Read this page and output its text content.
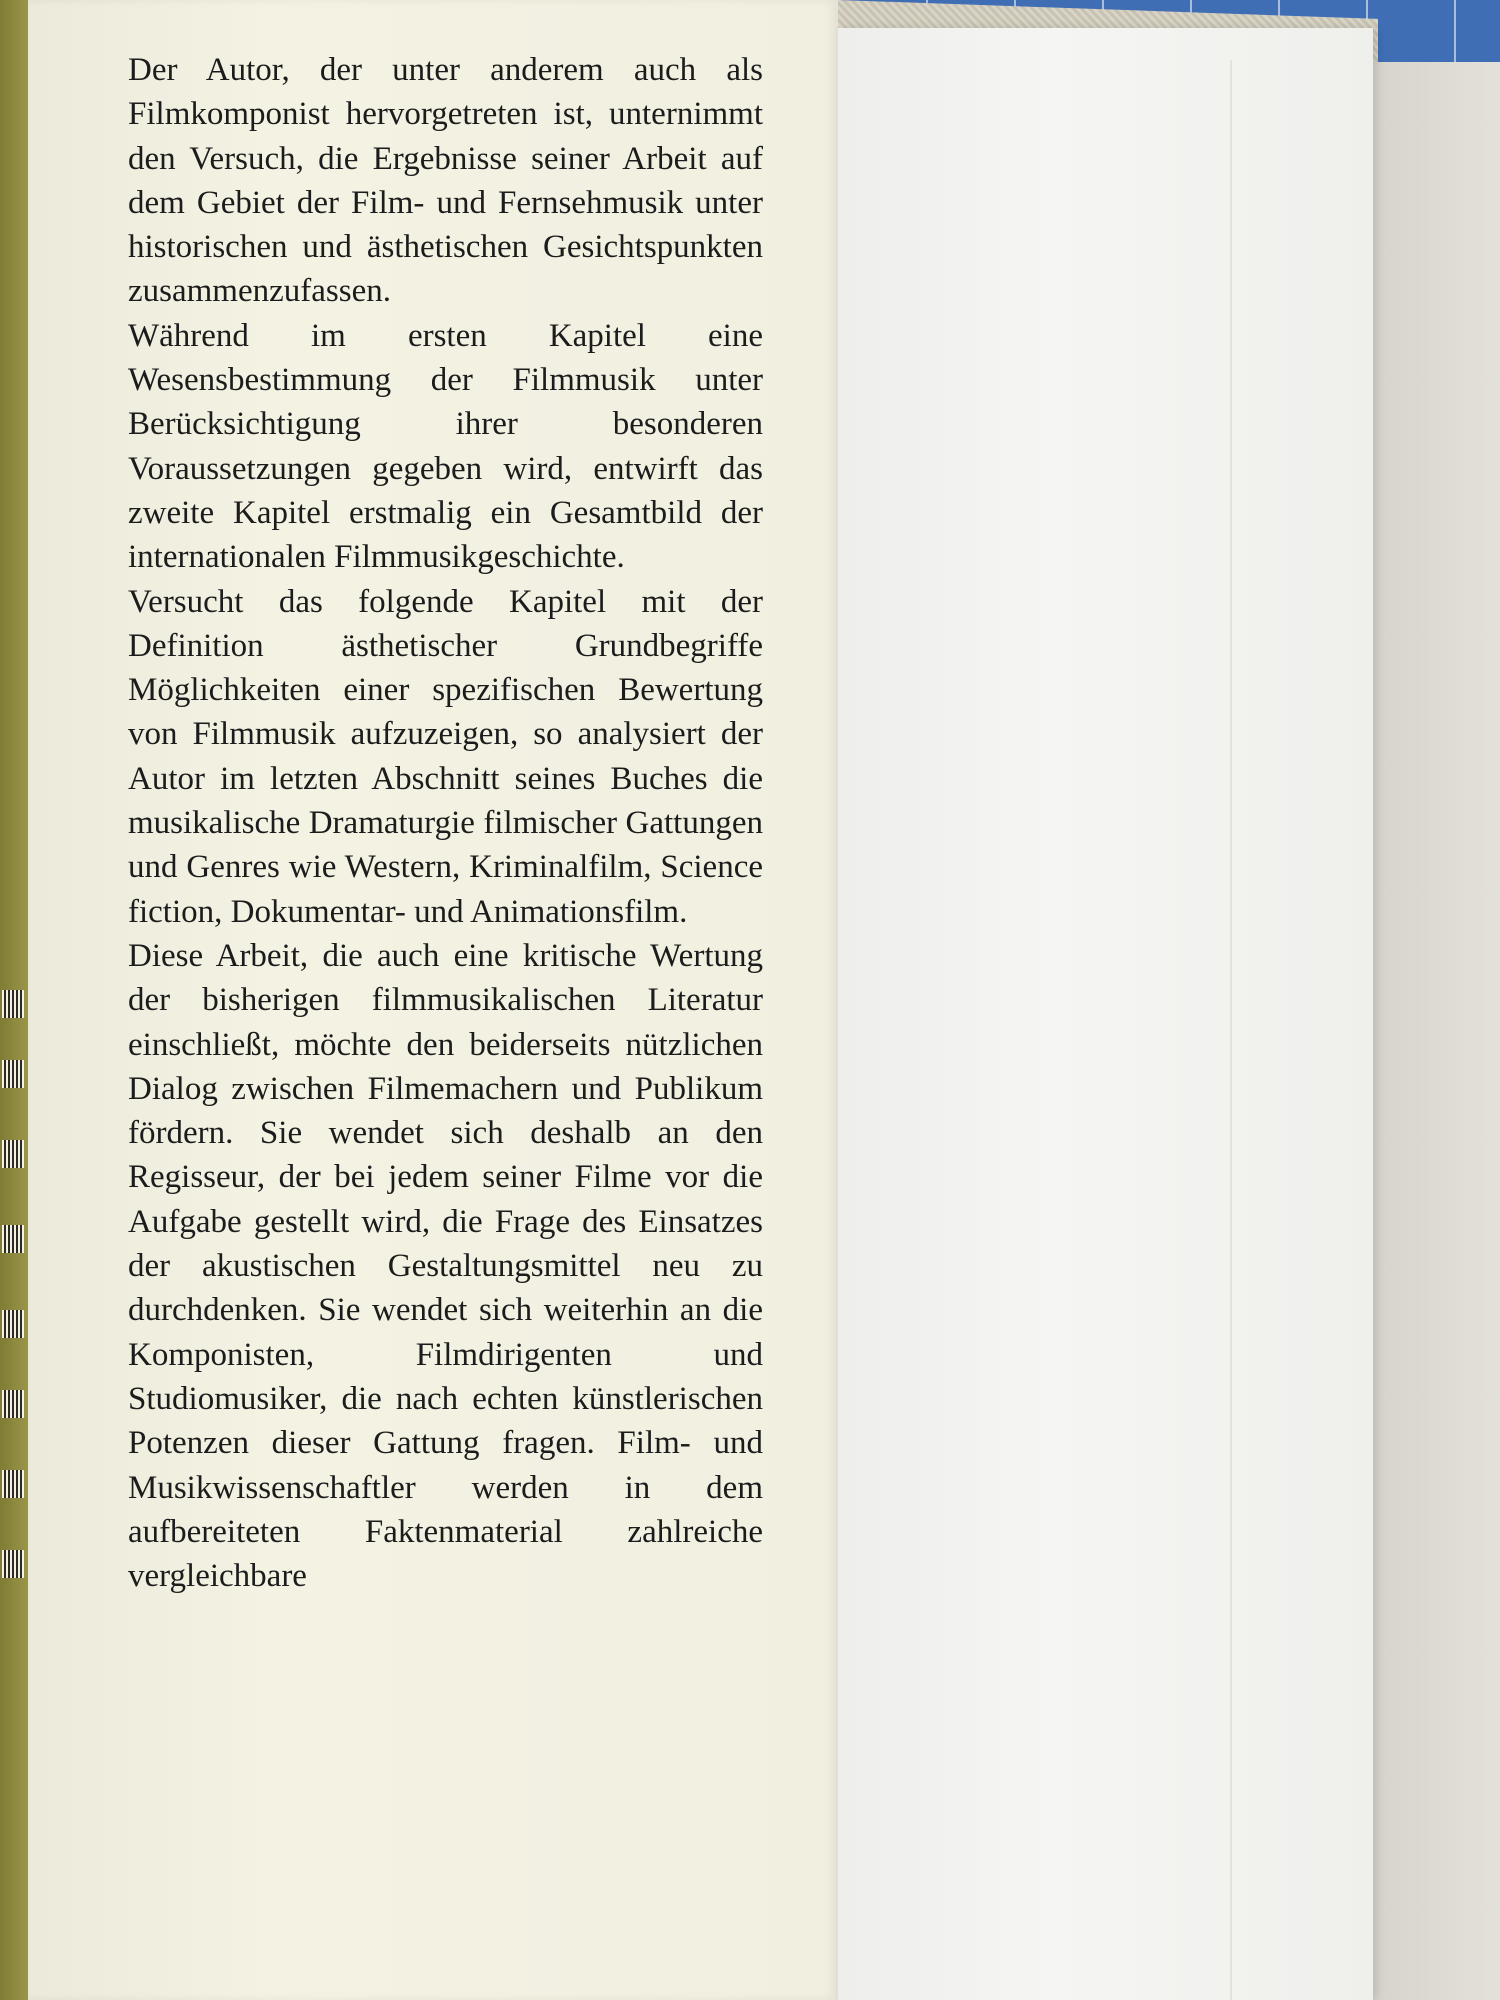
Der Autor, der unter anderem auch als Filmkomponist hervorgetreten ist, unternimmt den Versuch, die Ergebnisse seiner Arbeit auf dem Gebiet der Film- und Fernsehmusik unter historischen und ästhetischen Gesichtspunkten zusammenzufassen.

Während im ersten Kapitel eine Wesensbestimmung der Filmmusik unter Berücksichtigung ihrer besonderen Voraussetzungen gegeben wird, entwirft das zweite Kapitel erstmalig ein Gesamtbild der internationalen Filmmusikgeschichte.

Versucht das folgende Kapitel mit der Definition ästhetischer Grundbegriffe Möglichkeiten einer spezifischen Bewertung von Filmmusik aufzuzeigen, so analysiert der Autor im letzten Abschnitt seines Buches die musikalische Dramaturgie filmischer Gattungen und Genres wie Western, Kriminalfilm, Science fiction, Dokumentar- und Animationsfilm.

Diese Arbeit, die auch eine kritische Wertung der bisherigen filmmusikalischen Literatur einschließt, möchte den beiderseits nützlichen Dialog zwischen Filmemachern und Publikum fördern. Sie wendet sich deshalb an den Regisseur, der bei jedem seiner Filme vor die Aufgabe gestellt wird, die Frage des Einsatzes der akustischen Gestaltungsmittel neu zu durchdenken. Sie wendet sich weiterhin an die Komponisten, Filmdirigenten und Studiomusiker, die nach echten künstlerischen Potenzen dieser Gattung fragen. Film- und Musikwissenschaftler werden in dem aufbereiteten Faktenmaterial zahlreiche vergleichbare
